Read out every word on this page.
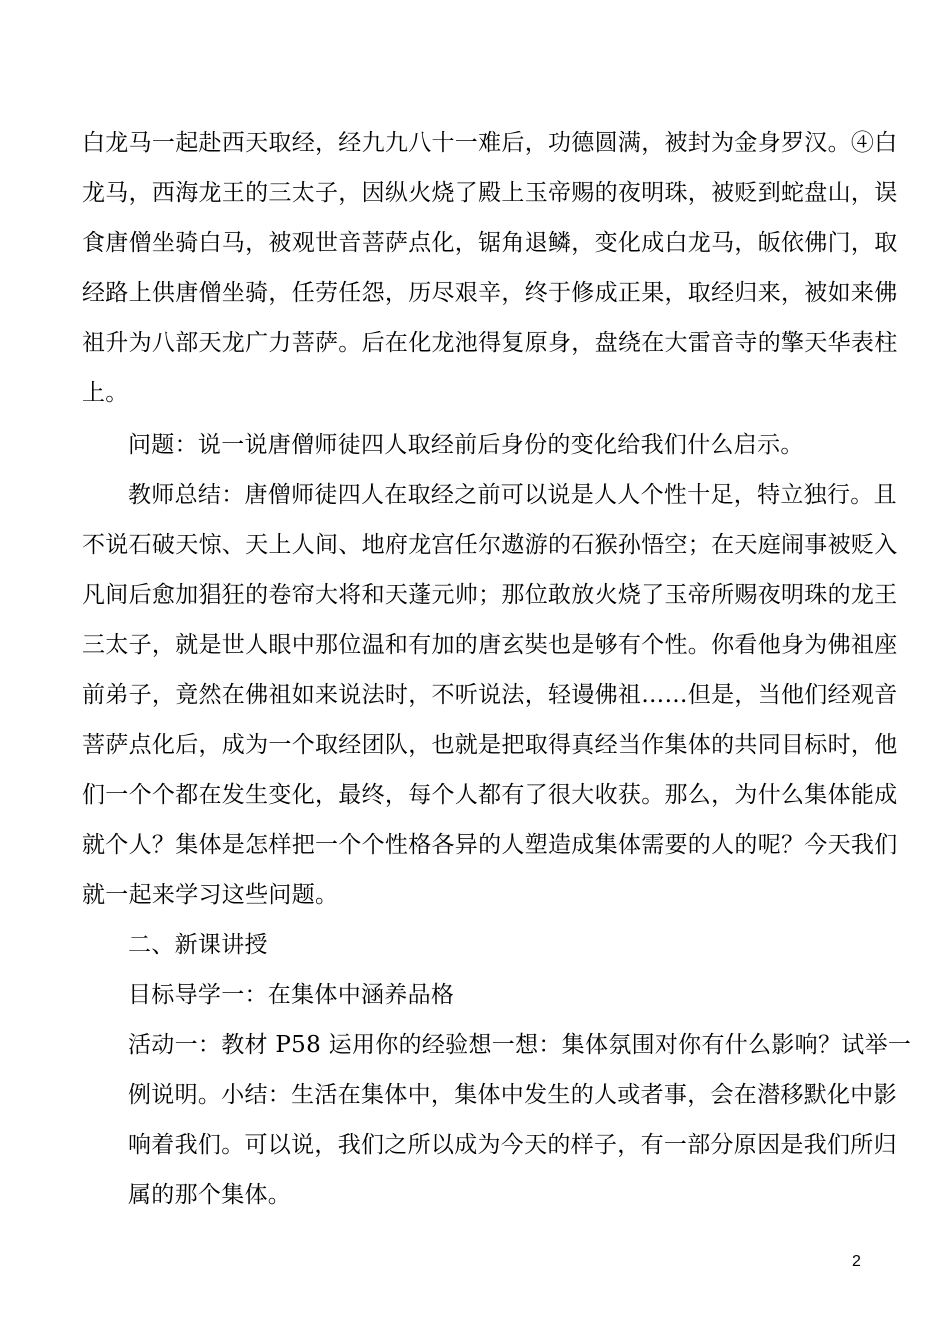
白龙马一起赴西天取经，经九九八十一难后，功德圆满，被封为金身罗汉。④白
龙马，西海龙王的三太子，因纵火烧了殿上玉帝赐的夜明珠，被贬到蛇盘山，误
食唐僧坐骑白马，被观世音菩萨点化，锯角退鳞，变化成白龙马，皈依佛门，取
经路上供唐僧坐骑，任劳任怨，历尽艰辛，终于修成正果，取经归来，被如来佛
祖升为八部天龙广力菩萨。后在化龙池得复原身，盘绕在大雷音寺的擎天华表柱
上。
问题：说一说唐僧师徒四人取经前后身份的变化给我们什么启示。
教师总结：唐僧师徒四人在取经之前可以说是人人个性十足，特立独行。且
不说石破天惊、天上人间、地府龙宫任尔遨游的石猴孙悟空；在天庭闹事被贬入
凡间后愈加猖狂的卷帘大将和天蓬元帅；那位敢放火烧了玉帝所赐夜明珠的龙王
三太子，就是世人眼中那位温和有加的唐玄奘也是够有个性。你看他身为佛祖座
前弟子，竟然在佛祖如来说法时，不听说法，轻谩佛祖……但是，当他们经观音
菩萨点化后，成为一个取经团队，也就是把取得真经当作集体的共同目标时，他
们一个个都在发生变化，最终，每个人都有了很大收获。那么，为什么集体能成
就个人？集体是怎样把一个个性格各异的人塑造成集体需要的人的呢？今天我们
就一起来学习这些问题。
二、新课讲授
目标导学一：在集体中涵养品格
活动一：教材 P58 运用你的经验想一想：集体氛围对你有什么影响？试举一
例说明。小结：生活在集体中，集体中发生的人或者事，会在潜移默化中影
响着我们。可以说，我们之所以成为今天的样子，有一部分原因是我们所归
属的那个集体。
2
